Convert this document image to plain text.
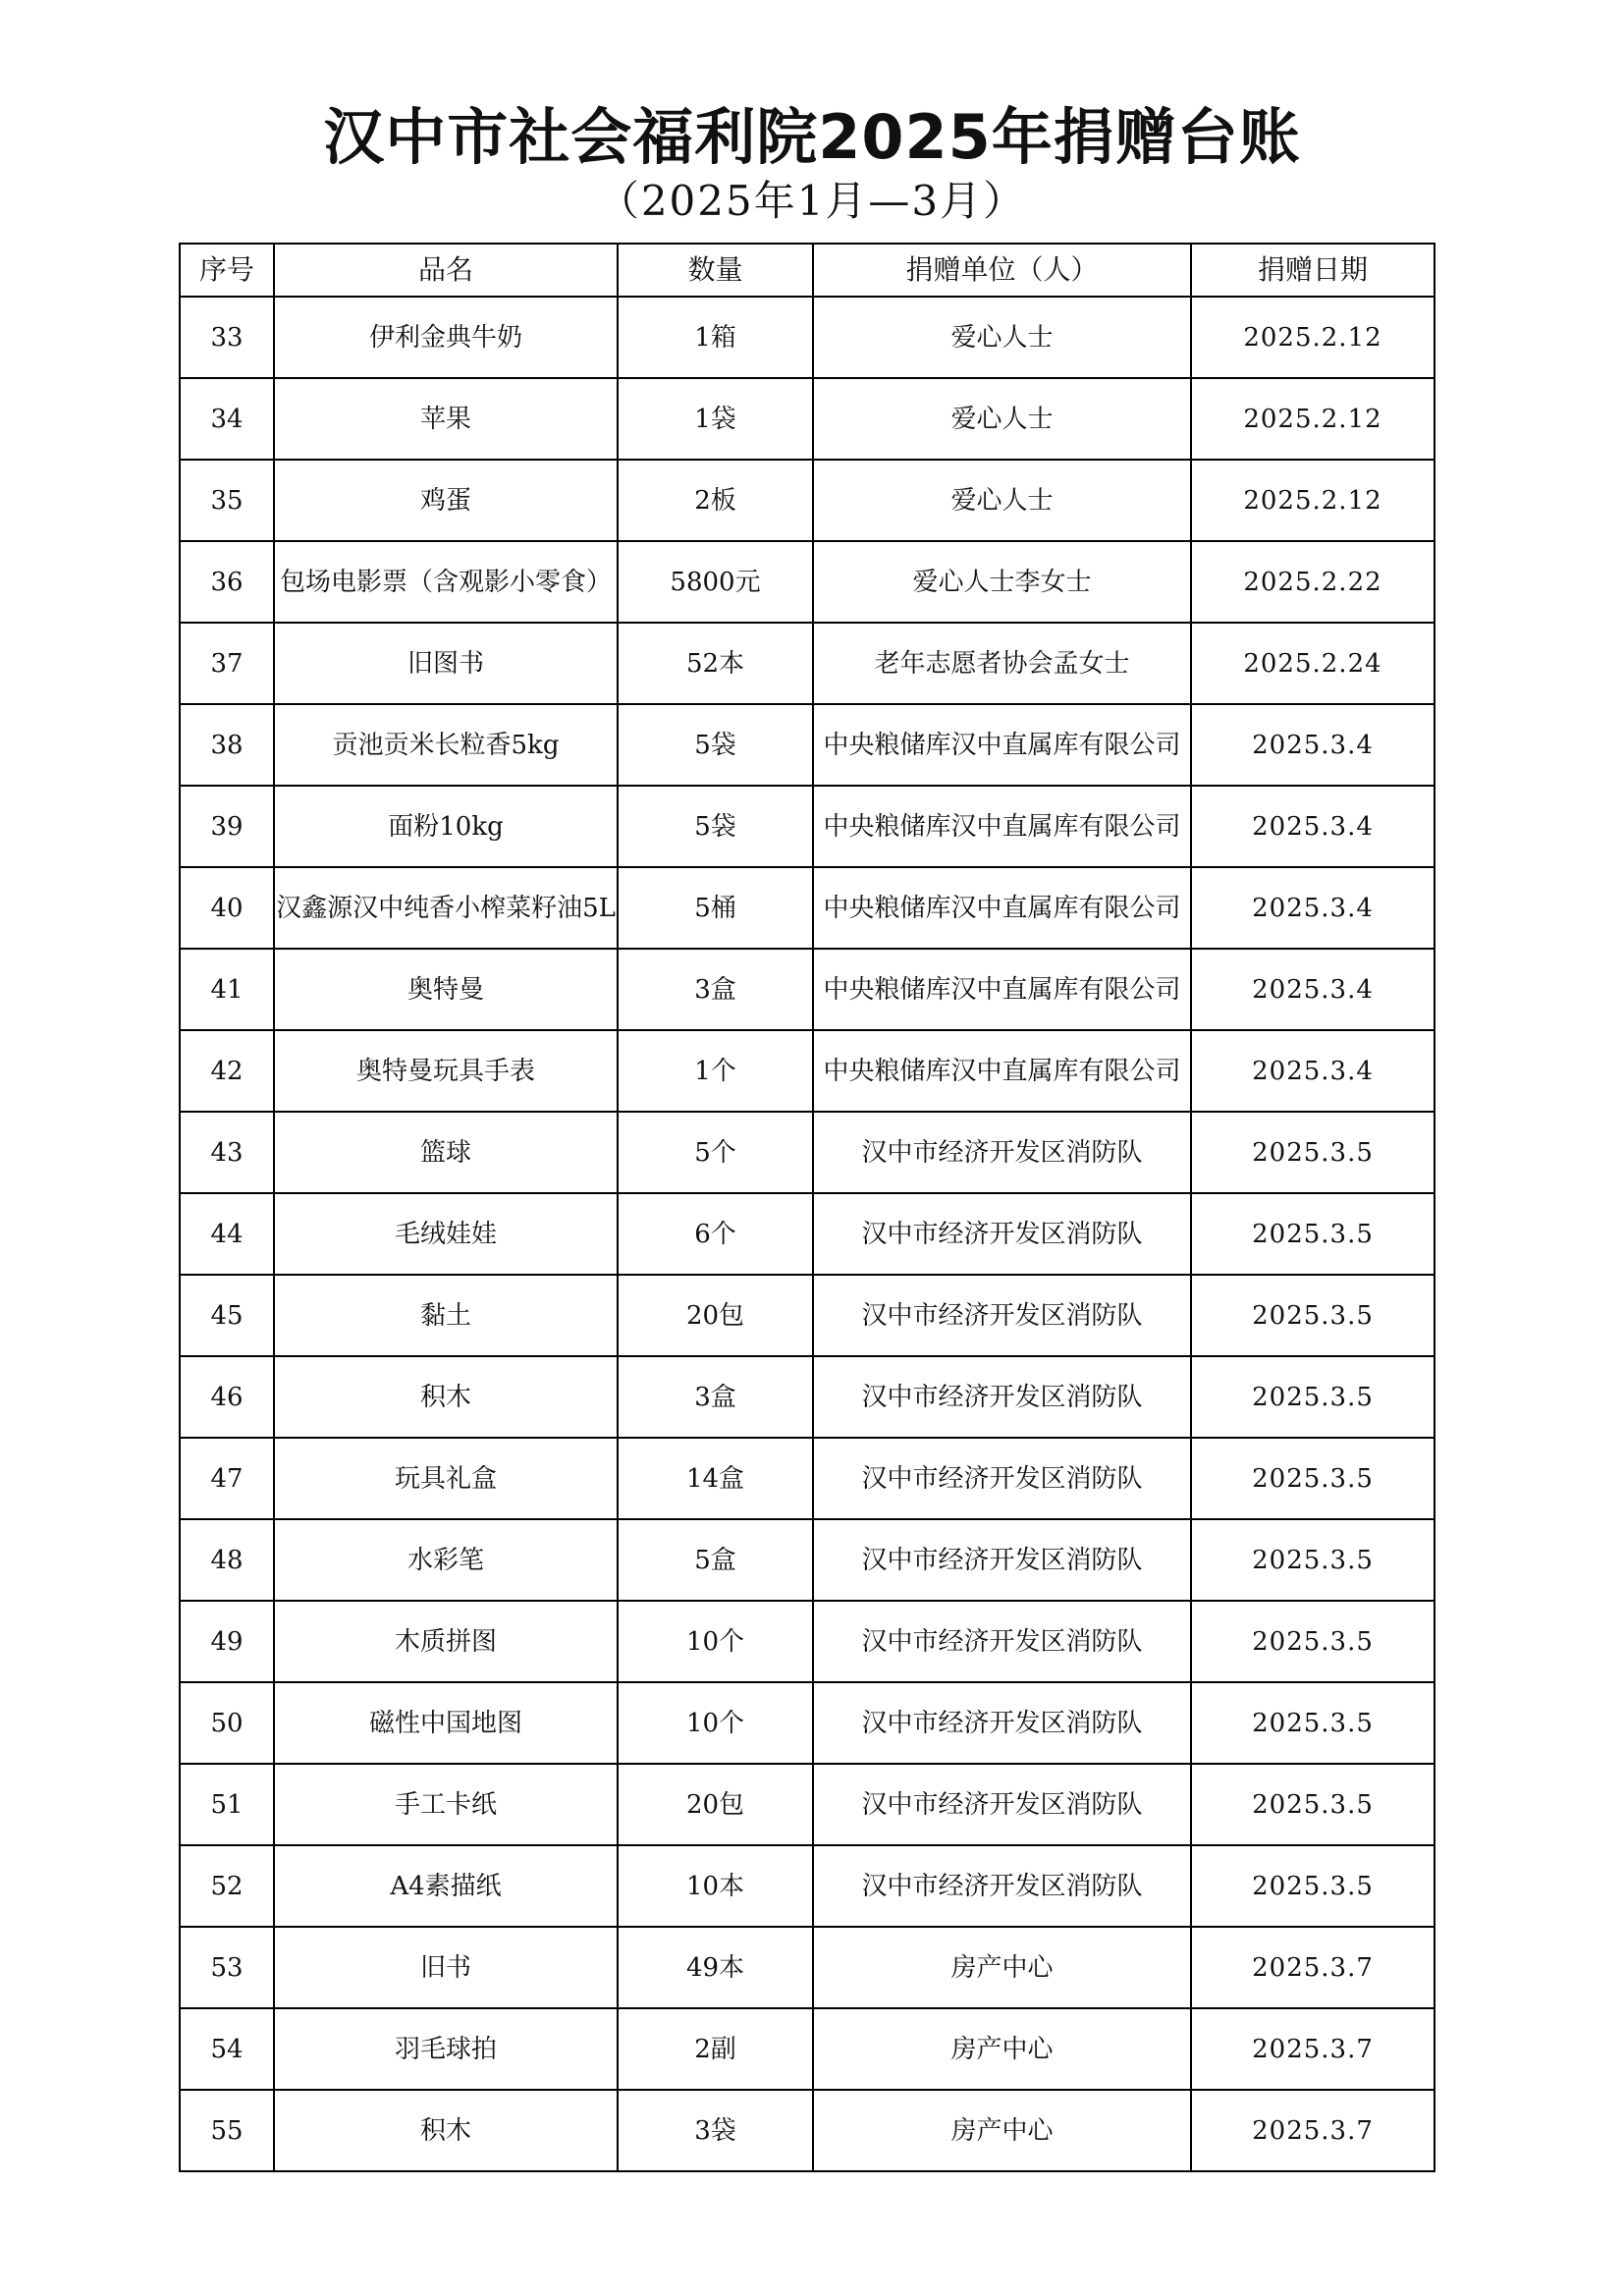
汉中市社会福利院2025年捐赠台账
（2025年1月—3月）
序号	品名	数量	捐赠单位（人）	捐赠日期
33	伊利金典牛奶	1箱	爱心人士	2025.2.12
34	苹果	1袋	爱心人士	2025.2.12
35	鸡蛋	2板	爱心人士	2025.2.12
36	包场电影票（含观影小零食）	5800元	爱心人士李女士	2025.2.22
37	旧图书	52本	老年志愿者协会孟女士	2025.2.24
38	贡池贡米长粒香5kg	5袋	中央粮储库汉中直属库有限公司	2025.3.4
39	面粉10kg	5袋	中央粮储库汉中直属库有限公司	2025.3.4
40	汉鑫源汉中纯香小榨菜籽油5L	5桶	中央粮储库汉中直属库有限公司	2025.3.4
41	奥特曼	3盒	中央粮储库汉中直属库有限公司	2025.3.4
42	奥特曼玩具手表	1个	中央粮储库汉中直属库有限公司	2025.3.4
43	篮球	5个	汉中市经济开发区消防队	2025.3.5
44	毛绒娃娃	6个	汉中市经济开发区消防队	2025.3.5
45	黏土	20包	汉中市经济开发区消防队	2025.3.5
46	积木	3盒	汉中市经济开发区消防队	2025.3.5
47	玩具礼盒	14盒	汉中市经济开发区消防队	2025.3.5
48	水彩笔	5盒	汉中市经济开发区消防队	2025.3.5
49	木质拼图	10个	汉中市经济开发区消防队	2025.3.5
50	磁性中国地图	10个	汉中市经济开发区消防队	2025.3.5
51	手工卡纸	20包	汉中市经济开发区消防队	2025.3.5
52	A4素描纸	10本	汉中市经济开发区消防队	2025.3.5
53	旧书	49本	房产中心	2025.3.7
54	羽毛球拍	2副	房产中心	2025.3.7
55	积木	3袋	房产中心	2025.3.7
